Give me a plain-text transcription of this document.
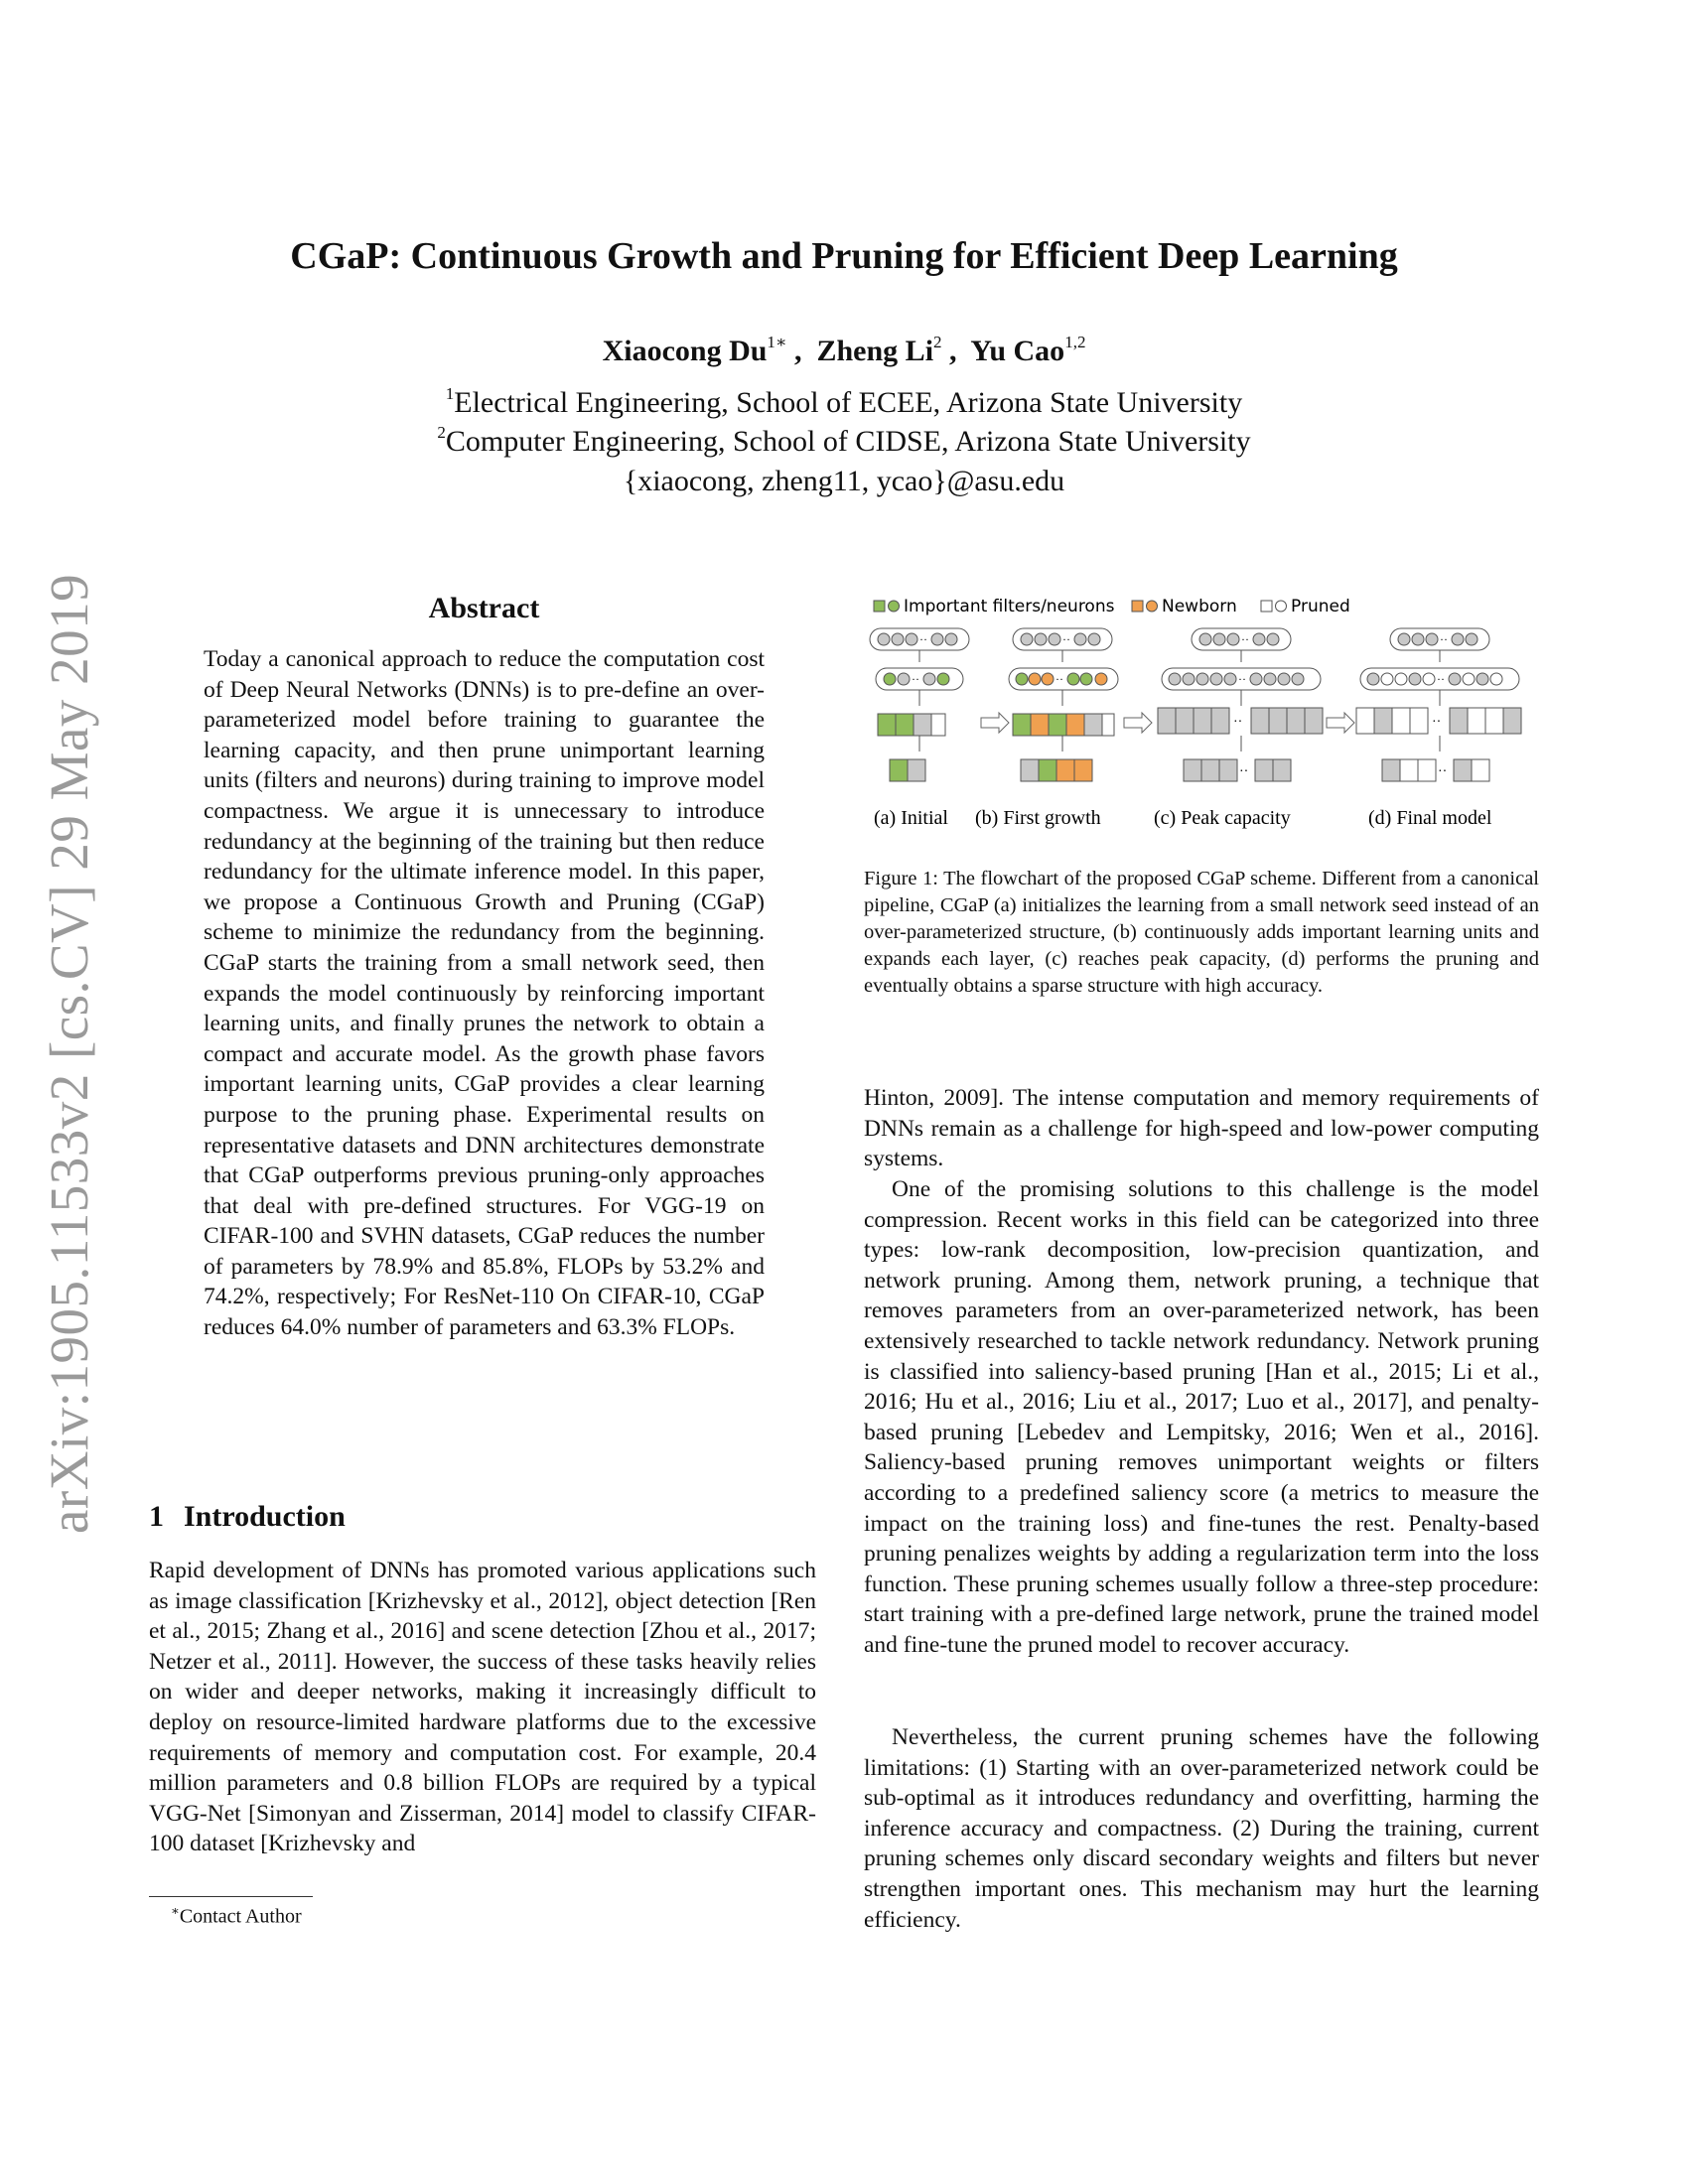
arXiv:1905.11533v2 [cs.CV] 29 May 2019
CGaP: Continuous Growth and Pruning for Efficient Deep Learning
Xiaocong $Du^{1∗}$ ,  Zheng Li$^2$ ,  Yu Cao$^{1,2}$
$^1$Electrical Engineering, School of ECEE, Arizona State University
$^2$Computer Engineering, School of CIDSE, Arizona State University
{xiaocong, zheng11, ycao}@asu.edu
Abstract

Today a canonical approach to reduce the computation cost of Deep Neural Networks (DNNs) is to pre-define an over-parameterized model before training to guarantee the learning capacity, and then prune unimportant learning units (filters and neurons) during training to improve model compactness. We argue it is unnecessary to introduce redundancy at the beginning of the training but then reduce redundancy for the ultimate inference model. In this paper, we propose a Continuous Growth and Pruning (CGaP) scheme to minimize the redundancy from the beginning. CGaP starts the training from a small network seed, then expands the model continuously by reinforcing important learning units, and finally prunes the network to obtain a compact and accurate model. As the growth phase favors important learning units, CGaP provides a clear learning purpose to the pruning phase. Experimental results on representative datasets and DNN architectures demonstrate that CGaP outperforms previous pruning-only approaches that deal with pre-defined structures. For VGG-19 on CIFAR-100 and SVHN datasets, CGaP reduces the number of parameters by 78.9% and 85.8%, FLOPs by 53.2% and 74.2%, respectively; For ResNet-110 On CIFAR-10, CGaP reduces 64.0% number of parameters and 63.3% FLOPs.

1 Introduction

Rapid development of DNNs has promoted various applications such as image classification [Krizhevsky et al., 2012], object detection [Ren et al., 2015; Zhang et al., 2016] and scene detection [Zhou et al., 2017; Netzer et al., 2011]. However, the success of these tasks heavily relies on wider and deeper networks, making it increasingly difficult to deploy on resource-limited hardware platforms due to the excessive requirements of memory and computation cost. For example, 20.4 million parameters and 0.8 billion FLOPs are required by a typical VGG-Net [Simonyan and Zisserman, 2014] model to classify CIFAR-100 dataset [Krizhevsky and

∗Contact Author
Important filters/neurons	Newborn	Pruned
··
··
··
··
··
··
··
··
··
··
··
··
(a) Initial (b) First growth	(c) Peak capacity	(d) Final model

Figure 1: The flowchart of the proposed CGaP scheme. Different from a canonical pipeline, CGaP (a) initializes the learning from a small network seed instead of an over-parameterized structure, (b) continuously adds important learning units and expands each layer, (c) reaches peak capacity, (d) performs the pruning and eventually obtains a sparse structure with high accuracy.

Hinton, 2009]. The intense computation and memory requirements of DNNs remain as a challenge for high-speed and low-power computing systems.

One of the promising solutions to this challenge is the model compression. Recent works in this field can be categorized into three types: low-rank decomposition, low-precision quantization, and network pruning. Among them, network pruning, a technique that removes parameters from an over-parameterized network, has been extensively researched to tackle network redundancy. Network pruning is classified into saliency-based pruning [Han et al., 2015; Li et al., 2016; Hu et al., 2016; Liu et al., 2017; Luo et al., 2017], and penalty-based pruning [Lebedev and Lempitsky, 2016; Wen et al., 2016]. Saliency-based pruning removes unimportant weights or filters according to a predefined saliency score (a metrics to measure the impact on the training loss) and fine-tunes the rest. Penalty-based pruning penalizes weights by adding a regularization term into the loss function. These pruning schemes usually follow a three-step procedure: start training with a pre-defined large network, prune the trained model and fine-tune the pruned model to recover accuracy.

Nevertheless, the current pruning schemes have the following limitations: (1) Starting with an over-parameterized network could be sub-optimal as it introduces redundancy and overfitting, harming the inference accuracy and compactness. (2) During the training, current pruning schemes only discard secondary weights and filters but never strengthen important ones. This mechanism may hurt the learning efficiency.
